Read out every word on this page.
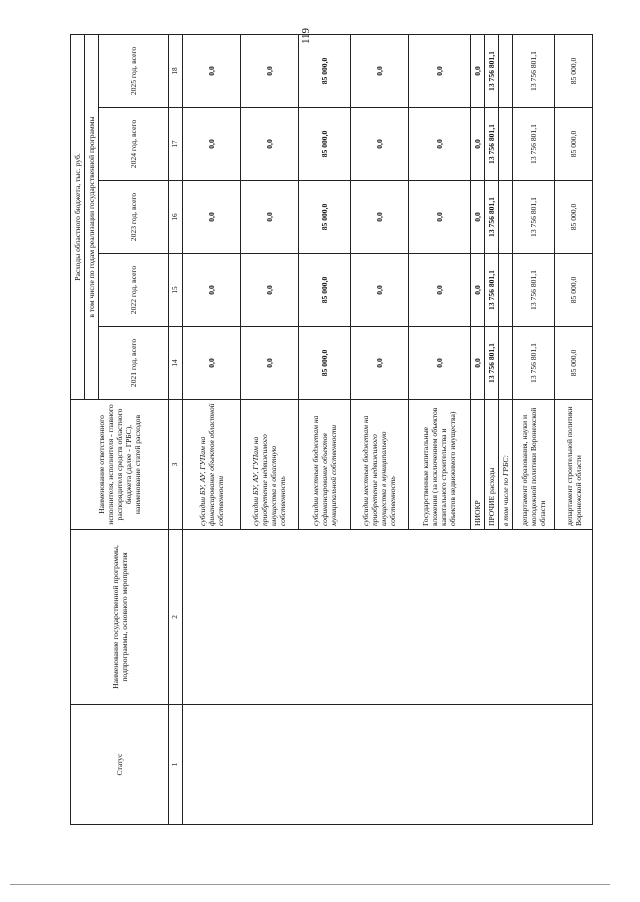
119
Статус	Наименование государственной программы, подпрограммы, основного мероприятия	Наименование ответственного исполнителя, исполнителя - главного распорядителя средств областного бюджета (далее - ГРБС), наименование статей расходов	Расходы областного бюджета, тыс. руб.				
			в том числе по годам реализации государственной программы				
			2021 год, всего	2022 год, всего	2023 год, всего	2024 год, всего	2025 год, всего
1	2	3	14	15	16	17	18
		субсидии БУ, АУ, ГУПам на финансирование объектов областной собственности	0,0	0,0	0,0	0,0	0,0
		субсидии БУ, АУ, ГУПам на приобретение недвижимого имущества в областную собственность	0,0	0,0	0,0	0,0	0,0
		субсидии местным бюджетам на софинансирование объектов муниципальной собственности	85 000,0	85 000,0	85 000,0	85 000,0	85 000,0
		субсидии местным бюджетам на приобретение недвижимого имущества в муниципальную собственность	0,0	0,0	0,0	0,0	0,0
		Государственные капитальные вложения (за исключением объектов капитального строительства и объектов недвижимого имущества)	0,0	0,0	0,0	0,0	0,0
		НИОКР	0,0	0,0	0,0	0,0	0,0
		ПРОЧИЕ расходы	13 756 801,1	13 756 801,1	13 756 801,1	13 756 801,1	13 756 801,1
		в том числе по ГРБС:					
		департамент образования, науки и молодежной политики Воронежской области	13 756 801,1	13 756 801,1	13 756 801,1	13 756 801,1	13 756 801,1
		департамент строительной политики Воронежской области	85 000,0	85 000,0	85 000,0	85 000,0	85 000,0
